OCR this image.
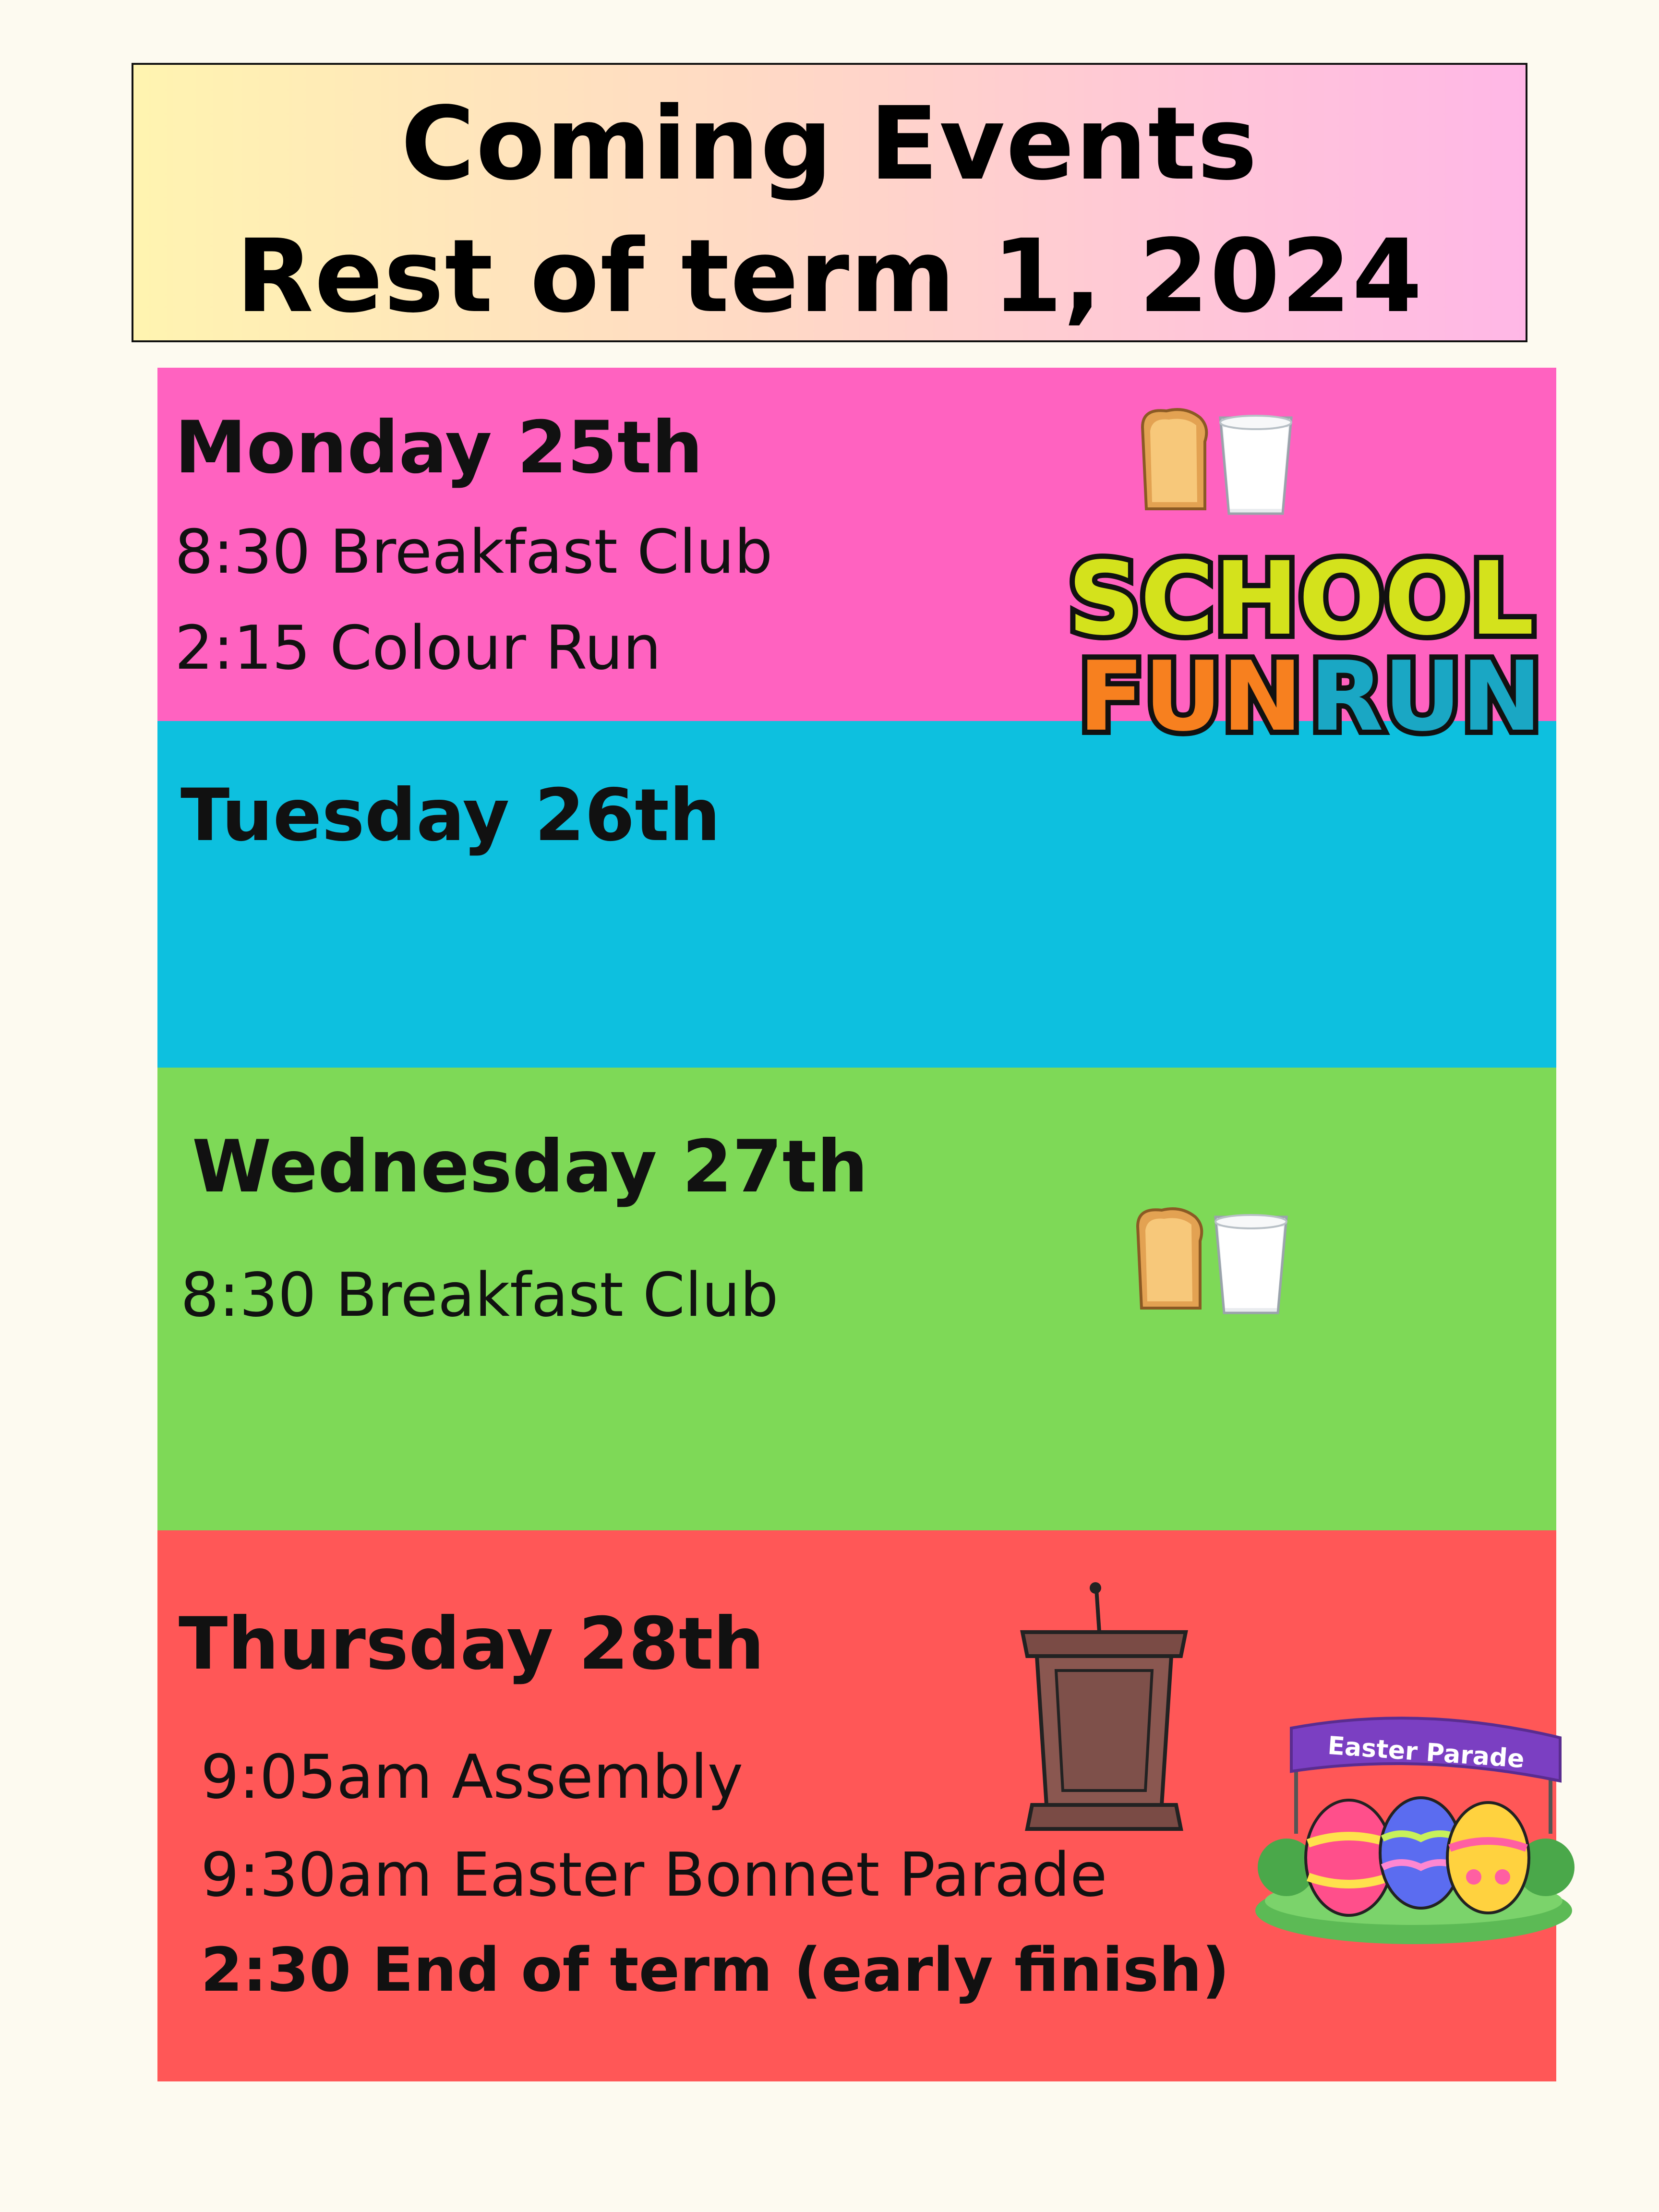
Coming Events
Rest of term 1, 2024
Monday 25th
8:30 Breakfast Club
2:15 Colour Run
Tuesday 26th
Wednesday 27th
8:30 Breakfast Club
Thursday 28th
9:05am Assembly
9:30am Easter Bonnet Parade
2:30 End of term (early finish)
SCHOOL
FUN RUN
Easter Parade
